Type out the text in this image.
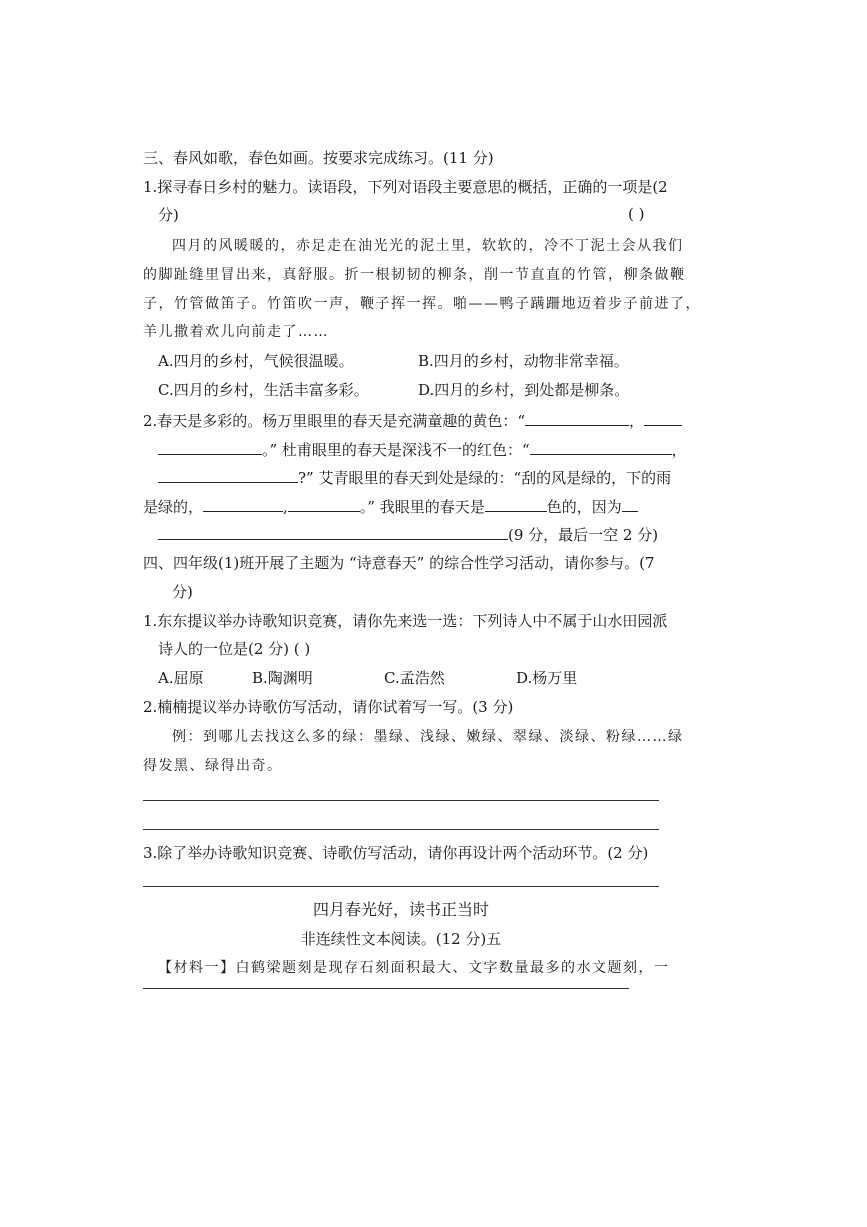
三、春风如歌，春色如画。按要求完成练习。(11 分)
1.探寻春日乡村的魅力。读语段，下列对语段主要意思的概括，正确的一项是(2
分)	( )
四月的风暖暖的，赤足走在油光光的泥土里，软软的，冷不丁泥土会从我们
的脚趾缝里冒出来，真舒服。折一根韧韧的柳条，削一节直直的竹管，柳条做鞭
子，竹管做笛子。竹笛吹一声，鞭子挥一挥。啪——鸭子蹒跚地迈着步子前进了，
羊儿撒着欢儿向前走了……
A.四月的乡村，气候很温暖。	B.四月的乡村，动物非常幸福。
C.四月的乡村，生活丰富多彩。	D.四月的乡村，到处都是柳条。
2.春天是多彩的。杨万里眼里的春天是充满童趣的黄色：“	，
。” 杜甫眼里的春天是深浅不一的红色：“	，
?” 艾青眼里的春天到处是绿的：“刮的风是绿的，下的雨
是绿的，	,	。” 我眼里的春天是	色的，因为
(9 分，最后一空 2 分)
四、四年级(1)班开展了主题为 “诗意春天” 的综合性学习活动，请你参与。(7
分)
1.东东提议举办诗歌知识竞赛，请你先来选一选：下列诗人中不属于山水田园派
诗人的一位是(2 分) ( )
A.屈原	B.陶渊明	C.孟浩然	D.杨万里
2.楠楠提议举办诗歌仿写活动，请你试着写一写。(3 分)
例：到哪儿去找这么多的绿：墨绿、浅绿、嫩绿、翠绿、淡绿、粉绿……绿
得发黑、绿得出奇。
3.除了举办诗歌知识竞赛、诗歌仿写活动，请你再设计两个活动环节。(2 分)
四月春光好，读书正当时
非连续性文本阅读。(12 分)五
【材料一】白鹤梁题刻是现存石刻面积最大、文字数量最多的水文题刻，一
